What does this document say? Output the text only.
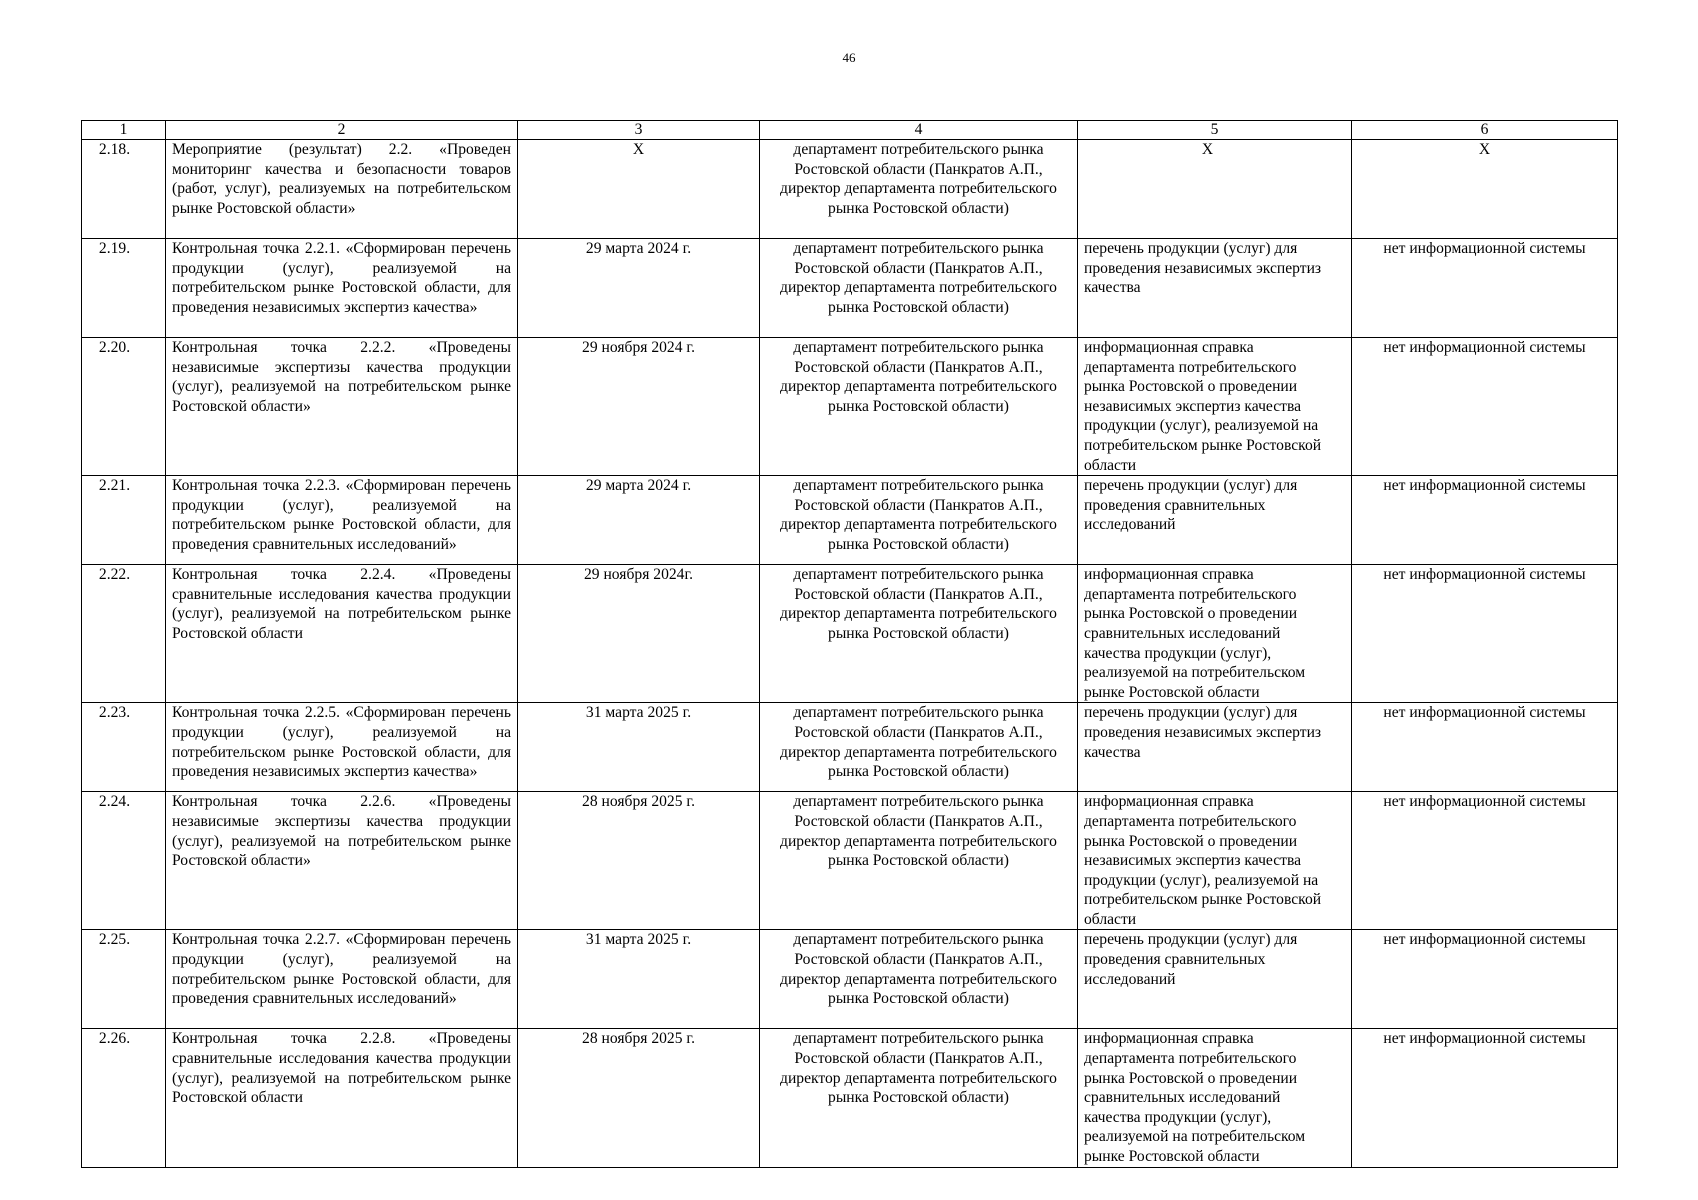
46
1	2	3	4	5	6
2.18.	Мероприятие (результат) 2.2. «Проведен мониторинг качества и безопасности товаров (работ, услуг), реализуемых на потребительском рынке Ростовской области»	X	департамент потребительского рынка Ростовской области (Панкратов А.П., директор департамента потребительского рынка Ростовской области)	X	X
2.19.	Контрольная точка 2.2.1. «Сформирован перечень продукции (услуг), реализуемой на потребительском рынке Ростовской области, для проведения независимых экспертиз качества»	29 марта 2024 г.	департамент потребительского рынка Ростовской области (Панкратов А.П., директор департамента потребительского рынка Ростовской области)	перечень продукции (услуг) для проведения независимых экспертиз качества	нет информационной системы
2.20.	Контрольная точка 2.2.2. «Проведены независимые экспертизы качества продукции (услуг), реализуемой на потребительском рынке Ростовской области»	29 ноября 2024 г.	департамент потребительского рынка Ростовской области (Панкратов А.П., директор департамента потребительского рынка Ростовской области)	информационная справка департамента потребительского рынка Ростовской о проведении независимых экспертиз качества продукции (услуг), реализуемой на потребительском рынке Ростовской области	нет информационной системы
2.21.	Контрольная точка 2.2.3. «Сформирован перечень продукции (услуг), реализуемой на потребительском рынке Ростовской области, для проведения сравнительных исследований»	29 марта 2024 г.	департамент потребительского рынка Ростовской области (Панкратов А.П., директор департамента потребительского рынка Ростовской области)	перечень продукции (услуг) для проведения сравнительных исследований	нет информационной системы
2.22.	Контрольная точка 2.2.4. «Проведены сравнительные исследования качества продукции (услуг), реализуемой на потребительском рынке Ростовской области	29 ноября 2024г.	департамент потребительского рынка Ростовской области (Панкратов А.П., директор департамента потребительского рынка Ростовской области)	информационная справка департамента потребительского рынка Ростовской о проведении сравнительных исследований качества продукции (услуг), реализуемой на потребительском рынке Ростовской области	нет информационной системы
2.23.	Контрольная точка 2.2.5. «Сформирован перечень продукции (услуг), реализуемой на потребительском рынке Ростовской области, для проведения независимых экспертиз качества»	31 марта 2025 г.	департамент потребительского рынка Ростовской области (Панкратов А.П., директор департамента потребительского рынка Ростовской области)	перечень продукции (услуг) для проведения независимых экспертиз качества	нет информационной системы
2.24.	Контрольная точка 2.2.6. «Проведены независимые экспертизы качества продукции (услуг), реализуемой на потребительском рынке Ростовской области»	28 ноября 2025 г.	департамент потребительского рынка Ростовской области (Панкратов А.П., директор департамента потребительского рынка Ростовской области)	информационная справка департамента потребительского рынка Ростовской о проведении независимых экспертиз качества продукции (услуг), реализуемой на потребительском рынке Ростовской области	нет информационной системы
2.25.	Контрольная точка 2.2.7. «Сформирован перечень продукции (услуг), реализуемой на потребительском рынке Ростовской области, для проведения сравнительных исследований»	31 марта 2025 г.	департамент потребительского рынка Ростовской области (Панкратов А.П., директор департамента потребительского рынка Ростовской области)	перечень продукции (услуг) для проведения сравнительных исследований	нет информационной системы
2.26.	Контрольная точка 2.2.8. «Проведены сравнительные исследования качества продукции (услуг), реализуемой на потребительском рынке Ростовской области	28 ноября 2025 г.	департамент потребительского рынка Ростовской области (Панкратов А.П., директор департамента потребительского рынка Ростовской области)	информационная справка департамента потребительского рынка Ростовской о проведении сравнительных исследований качества продукции (услуг), реализуемой на потребительском рынке Ростовской области	нет информационной системы
